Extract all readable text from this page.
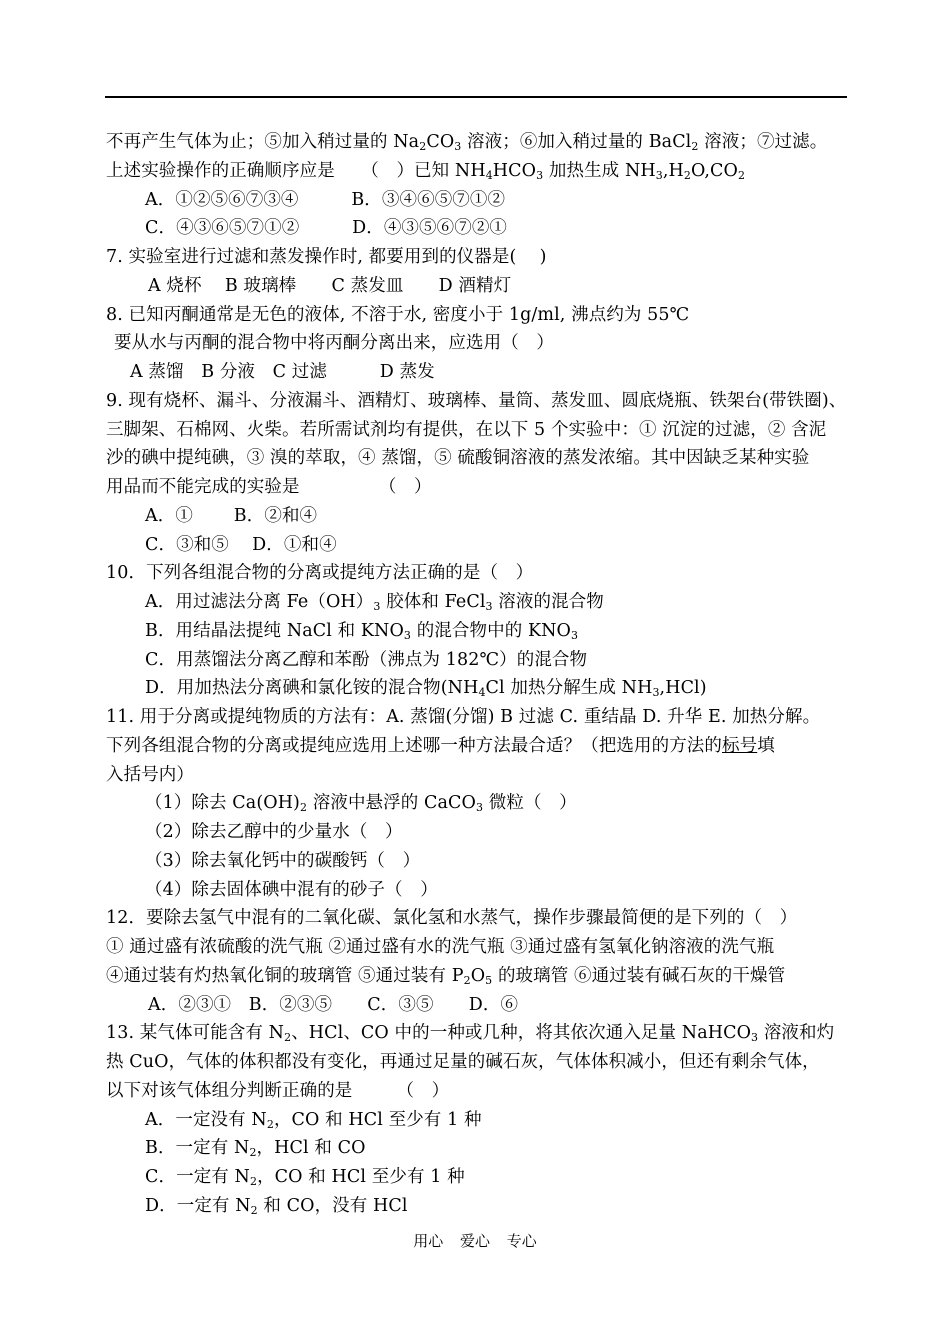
不再产生气体为止；⑤加入稍过量的 $Na_2CO_3$ 溶液；⑥加入稍过量的 BaCl$_2$ 溶液；⑦过滤。
上述实验操作的正确顺序应是　　（　）已知 $NH_4HCO_3$ 加热生成 $NH_3,H_2O,CO_2$
A．①②⑤⑥⑦③④　　　B．③④⑥⑤⑦①②
C．④③⑥⑤⑦①②　　　D．④③⑤⑥⑦②①
7. 实验室进行过滤和蒸发操作时, 都要用到的仪器是(　 )
A 烧杯　 B 玻璃棒　　C 蒸发皿　　D 酒精灯
8. 已知丙酮通常是无色的液体, 不溶于水, 密度小于 1g/ml, 沸点约为 55℃
要从水与丙酮的混合物中将丙酮分离出来，应选用（　）
A 蒸馏　B 分液　C 过滤　　　D 蒸发
9. 现有烧杯、漏斗、分液漏斗、酒精灯、玻璃棒、量筒、蒸发皿、圆底烧瓶、铁架台(带铁圈)、
三脚架、石棉网、火柴。若所需试剂均有提供，在以下 5 个实验中：① 沉淀的过滤，② 含泥
沙的碘中提纯碘，③ 溴的萃取，④ 蒸馏，⑤ 硫酸铜溶液的蒸发浓缩。其中因缺乏某种实验
用品而不能完成的实验是　　　　　（　）
A．①　　 B．②和④
C．③和⑤　 D．①和④
10．下列各组混合物的分离或提纯方法正确的是（　）
A．用过滤法分离 $Fe(OH)_3$ 胶体和 FeCl$_3$ 溶液的混合物
B．用结晶法提纯 NaCl 和 $KNO_3$ 的混合物中的 $KNO_3$
C．用蒸馏法分离乙醇和苯酚（沸点为 182℃）的混合物
D．用加热法分离碘和氯化铵的混合物($NH_4Cl$ 加热分解生成 $NH_3,HCl$)
11. 用于分离或提纯物质的方法有：A. 蒸馏(分馏) B 过滤 C. 重结晶 D. 升华 E. 加热分解。
下列各组混合物的分离或提纯应选用上述哪一种方法最合适？（把选用的方法的标号填
入括号内）
（1）除去 $Ca(OH)_2$ 溶液中悬浮的 CaCO$_3$ 微粒（　）
（2）除去乙醇中的少量水（　）
（3）除去氧化钙中的碳酸钙（　）
（4）除去固体碘中混有的砂子（　）
12．要除去氢气中混有的二氧化碳、氯化氢和水蒸气，操作步骤最简便的是下列的（　）
① 通过盛有浓硫酸的洗气瓶 ②通过盛有水的洗气瓶 ③通过盛有氢氧化钠溶液的洗气瓶
④通过装有灼热氧化铜的玻璃管 ⑤通过装有 $P_2O_5$ 的玻璃管 ⑥通过装有碱石灰的干燥管
A．②③①　B．②③⑤　　C．③⑤　　D．⑥
13. 某气体可能含有 $N_2$、HCl、CO 中的一种或几种，将其依次通入足量 NaHCO$_3$ 溶液和灼
热 CuO，气体的体积都没有变化，再通过足量的碱石灰，气体体积减小，但还有剩余气体，
以下对该气体组分判断正确的是　　　（　）
A．一定没有 $N_2$，CO 和 HCl 至少有 1 种
B．一定有 $N_2$，HCl 和 CO
C．一定有 $N_2$，CO 和 HCl 至少有 1 种
D．一定有 $N_2$ 和 CO，没有 HCl
用心 爱心 专心
